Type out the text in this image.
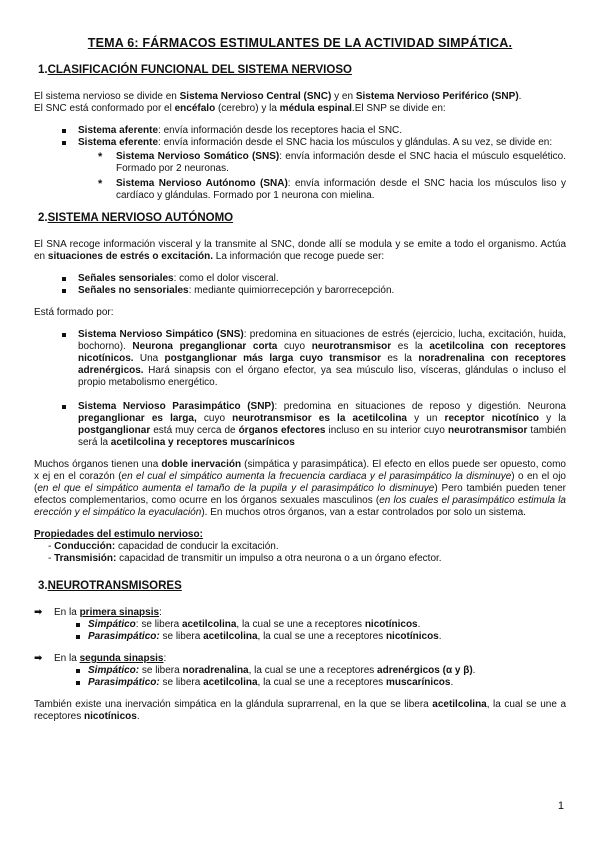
TEMA 6: FÁRMACOS ESTIMULANTES DE LA ACTIVIDAD SIMPÁTICA.
1.CLASIFICACIÓN FUNCIONAL DEL SISTEMA NERVIOSO

El sistema nervioso se divide en Sistema Nervioso Central (SNC) y en Sistema Nervioso Periférico (SNP).

El SNC está conformado por el encéfalo (cerebro) y la médula espinal.El SNP se divide en:

Sistema aferente: envía información desde los receptores hacia el SNC.
Sistema eferente: envía información desde el SNC hacia los músculos y glándulas. A su vez, se divide en:
* Sistema Nervioso Somático (SNS): envía información desde el SNC hacia el músculo esquelético. Formado por 2 neuronas.
* Sistema Nervioso Autónomo (SNA): envía información desde el SNC hacia los músculos liso y cardíaco y glándulas. Formado por 1 neurona con mielina.
2.SISTEMA NERVIOSO AUTÓNOMO

El SNA recoge información visceral y la transmite al SNC, donde allí se modula y se emite a todo el organismo. Actúa en situaciones de estrés o excitación. La información que recoge puede ser:

Señales sensoriales: como el dolor visceral.
Señales no sensoriales: mediante quimiorrecepción y barorrecepción.

Está formado por:

Sistema Nervioso Simpático (SNS): predomina en situaciones de estrés (ejercicio, lucha, excitación, huida, bochorno). Neurona preganglionar corta cuyo neurotransmisor es la acetilcolina con receptores nicotínicos. Una postganglionar más larga cuyo transmisor es la noradrenalina con receptores adrenérgicos. Hará sinapsis con el órgano efector, ya sea músculo liso, vísceras, glándulas o incluso el propio metabolismo energético.
Sistema Nervioso Parasimpático (SNP): predomina en situaciones de reposo y digestión. Neurona preganglionar es larga, cuyo neurotransmisor es la acetilcolina y un receptor nicotínico y la postganglionar está muy cerca de órganos efectores incluso en su interior cuyo neurotransmisor también será la acetilcolina y receptores muscarínicos

Muchos órganos tienen una doble inervación (simpática y parasimpática). El efecto en ellos puede ser opuesto, como x ej en el corazón (en el cual el simpático aumenta la frecuencia cardiaca y el parasimpático la disminuye) o en el ojo (en el que el simpático aumenta el tamaño de la pupila y el parasimpático lo disminuye) Pero también pueden tener efectos complementarios, como ocurre en los órganos sexuales masculinos (en los cuales el parasimpático estimula la erección y el simpático la eyaculación). En muchos otros órganos, van a estar controlados por solo un sistema.

Propiedades del estimulo nervioso:

- Conducción: capacidad de conducir la excitación.
- Transmisión: capacidad de transmitir un impulso a otra neurona o a un órgano efector.
3.NEUROTRANSMISORES
➡ En la primera sinapsis:
Simpático: se libera acetilcolina, la cual se une a receptores nicotínicos.
Parasimpático: se libera acetilcolina, la cual se une a receptores nicotínicos.
➡ En la segunda sinapsis:
Simpático: se libera noradrenalina, la cual se une a receptores adrenérgicos (α y β).
Parasimpático: se libera acetilcolina, la cual se une a receptores muscarínicos.

También existe una inervación simpática en la glándula suprarrenal, en la que se libera acetilcolina, la cual se une a receptores nicotínicos.

1
